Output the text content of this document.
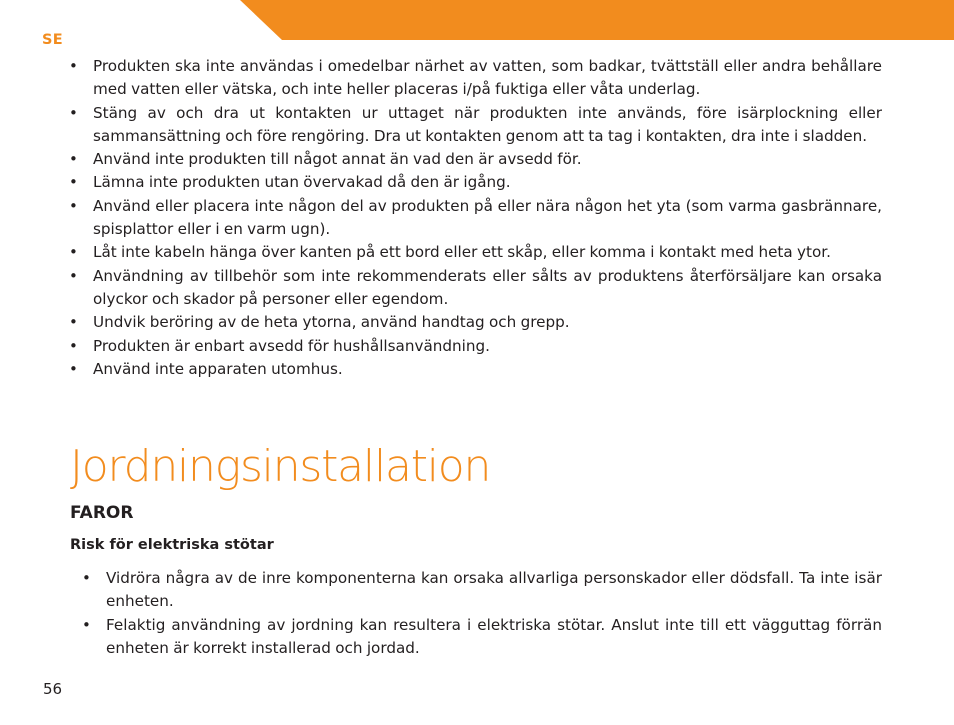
SE
• Produkten ska inte användas i omedelbar närhet av vatten, som badkar, tvättställ eller andra behållare med vatten eller vätska, och inte heller placeras i/på fuktiga eller våta underlag.
• Stäng av och dra ut kontakten ur uttaget när produkten inte används, före isärplockning eller sammansättning och före rengöring. Dra ut kontakten genom att ta tag i kontakten, dra inte i sladden.
• Använd inte produkten till något annat än vad den är avsedd för.
• Lämna inte produkten utan övervakad då den är igång.
• Använd eller placera inte någon del av produkten på eller nära någon het yta (som varma gasbrännare, spisplattor eller i en varm ugn).
• Låt inte kabeln hänga över kanten på ett bord eller ett skåp, eller komma i kontakt med heta ytor.
• Användning av tillbehör som inte rekommenderats eller sålts av produktens återförsäljare kan orsaka olyckor och skador på personer eller egendom.
• Undvik beröring av de heta ytorna, använd handtag och grepp.
• Produkten är enbart avsedd för hushållsanvändning.
• Använd inte apparaten utomhus.
Jordningsinstallation
FAROR
Risk för elektriska stötar
• Vidröra några av de inre komponenterna kan orsaka allvarliga personskador eller dödsfall. Ta inte isär enheten.
• Felaktig användning av jordning kan resultera i elektriska stötar. Anslut inte till ett vägguttag förrän enheten är korrekt installerad och jordad.
56
